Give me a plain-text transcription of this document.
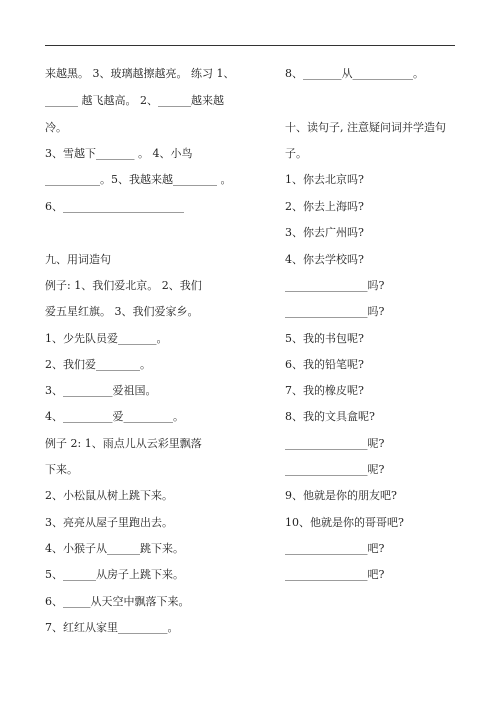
来越黑。 3、玻璃越擦越亮。 练习 1、
______ 越飞越高。 2、______越来越
冷。
3、雪越下_______ 。 4、小鸟
__________。5、我越来越________ 。
6、______________________
九、用词造句
例子: 1、我们爱北京。 2、我们
爱五星红旗。 3、我们爱家乡。
1、少先队员爱_______。
2、我们爱________。
3、_________爱祖国。
4、_________爱_________。
例子 2: 1、雨点儿从云彩里飘落
下来。
2、小松鼠从树上跳下来。
3、亮亮从屋子里跑出去。
4、小猴子从______跳下来。
5、______从房子上跳下来。
6、_____从天空中飘落下来。
7、红红从家里_________。
8、_______从___________。
十、读句子, 注意疑问词并学造句
子。
1、你去北京吗?
2、你去上海吗?
3、你去广州吗?
4、你去学校吗?
_______________吗?
_______________吗?
5、我的书包呢?
6、我的铅笔呢?
7、我的橡皮呢?
8、我的文具盒呢?
_______________呢?
_______________呢?
9、他就是你的朋友吧?
10、他就是你的哥哥吧?
_______________吧?
_______________吧?
